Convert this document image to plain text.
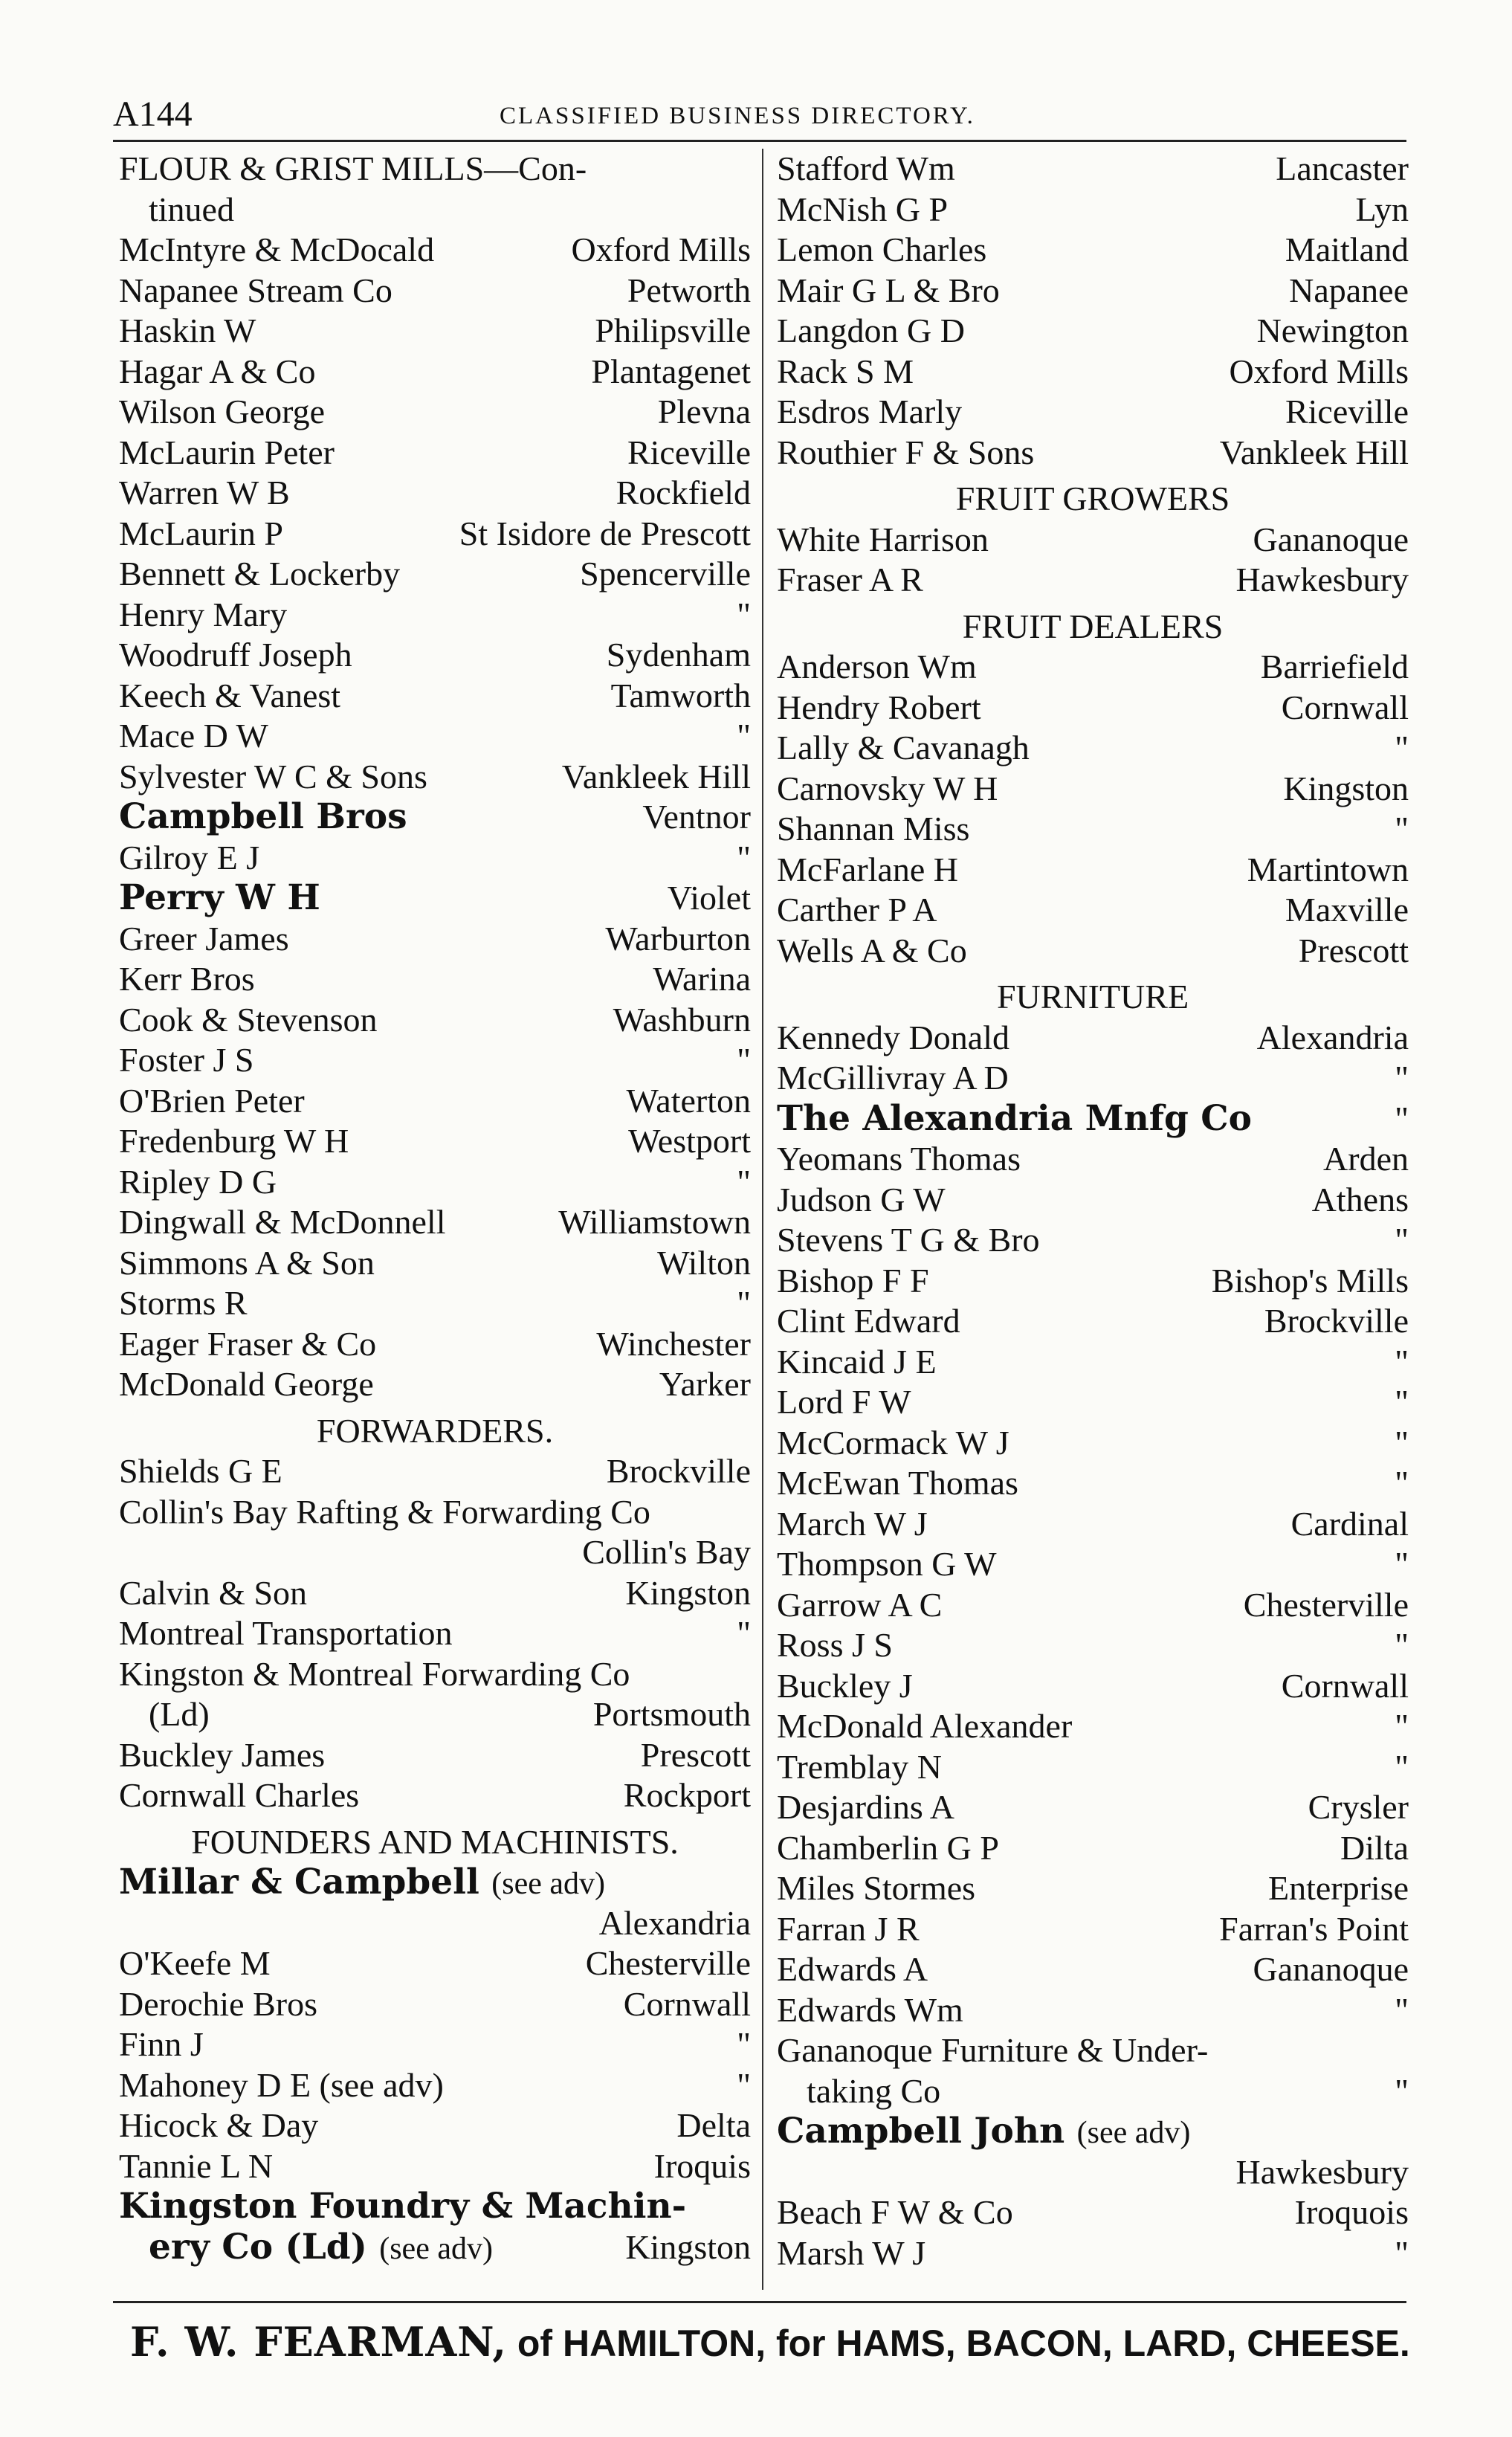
A144	CLASSIFIED BUSINESS DIRECTORY.
FLOUR & GRIST MILLS—Con-
tinued
McIntyre & McDocald	Oxford Mills
Napanee Stream Co	Petworth
Haskin W	Philipsville
Hagar A & Co	Plantagenet
Wilson George	Plevna
McLaurin Peter	Riceville
Warren W B	Rockfield
McLaurin P	St Isidore de Prescott
Bennett & Lockerby	Spencerville
Henry Mary	"
Woodruff Joseph	Sydenham
Keech & Vanest	Tamworth
Mace D W	"
Sylvester W C & Sons	Vankleek Hill
Campbell Bros	Ventnor
Gilroy E J	"
Perry W H	Violet
Greer James	Warburton
Kerr Bros	Warina
Cook & Stevenson	Washburn
Foster J S	"
O'Brien Peter	Waterton
Fredenburg W H	Westport
Ripley D G	"
Dingwall & McDonnell	Williamstown
Simmons A & Son	Wilton
Storms R	"
Eager Fraser & Co	Winchester
McDonald George	Yarker
FORWARDERS.
Shields G E	Brockville
Collin's Bay Rafting & Forwarding Co
Collin's Bay
Calvin & Son	Kingston
Montreal Transportation	"
Kingston & Montreal Forwarding Co
(Ld)	Portsmouth
Buckley James	Prescott
Cornwall Charles	Rockport
FOUNDERS AND MACHINISTS.
Millar & Campbell (see adv)
Alexandria
O'Keefe M	Chesterville
Derochie Bros	Cornwall
Finn J	"
Mahoney D E (see adv)	"
Hicock & Day	Delta
Tannie L N	Iroquis
Kingston Foundry & Machin-
ery Co (Ld) (see adv)	Kingston
Stafford Wm	Lancaster
McNish G P	Lyn
Lemon Charles	Maitland
Mair G L & Bro	Napanee
Langdon G D	Newington
Rack S M	Oxford Mills
Esdros Marly	Riceville
Routhier F & Sons	Vankleek Hill
FRUIT GROWERS
White Harrison	Gananoque
Fraser A R	Hawkesbury
FRUIT DEALERS
Anderson Wm	Barriefield
Hendry Robert	Cornwall
Lally & Cavanagh	"
Carnovsky W H	Kingston
Shannan Miss	"
McFarlane H	Martintown
Carther P A	Maxville
Wells A & Co	Prescott
FURNITURE
Kennedy Donald	Alexandria
McGillivray A D	"
The Alexandria Mnfg Co	"
Yeomans Thomas	Arden
Judson G W	Athens
Stevens T G & Bro	"
Bishop F F	Bishop's Mills
Clint Edward	Brockville
Kincaid J E	"
Lord F W	"
McCormack W J	"
McEwan Thomas	"
March W J	Cardinal
Thompson G W	"
Garrow A C	Chesterville
Ross J S	"
Buckley J	Cornwall
McDonald Alexander	"
Tremblay N	"
Desjardins A	Crysler
Chamberlin G P	Dilta
Miles Stormes	Enterprise
Farran J R	Farran's Point
Edwards A	Gananoque
Edwards Wm	"
Gananoque Furniture & Under-
taking Co	"
Campbell John (see adv)
Hawkesbury
Beach F W & Co	Iroquois
Marsh W J	"
F. W. FEARMAN, of HAMILTON, for HAMS, BACON, LARD, CHEESE.
